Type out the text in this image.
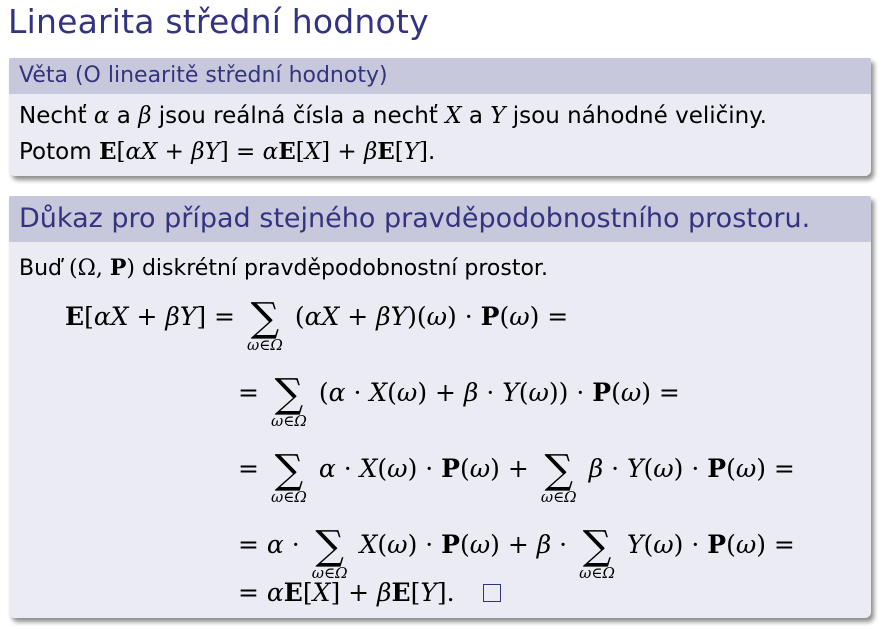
Linearita střední hodnoty
Věta (O linearitě střední hodnoty)
Nechť α a β jsou reálná čísla a nechť X a Y jsou náhodné veličiny.
Potom E[αX + βY] = αE[X] + βE[Y].
Důkaz pro případ stejného pravděpodobnostního prostoru.
Buď (Ω, P) diskrétní pravděpodobnostní prostor.
E[αX + βY] = ∑
ω∈Ω
(αX + βY)(ω) · P(ω) =
= ∑
ω∈Ω
(α · X(ω) + β · Y(ω)) · P(ω) =
= ∑
ω∈Ω
α · X(ω) · P(ω) + ∑
ω∈Ω
β · Y(ω) · P(ω) =
= α · ∑
ω∈Ω
X(ω) · P(ω) + β · ∑
ω∈Ω
Y(ω) · P(ω) =
= αE[X] + βE[Y].
